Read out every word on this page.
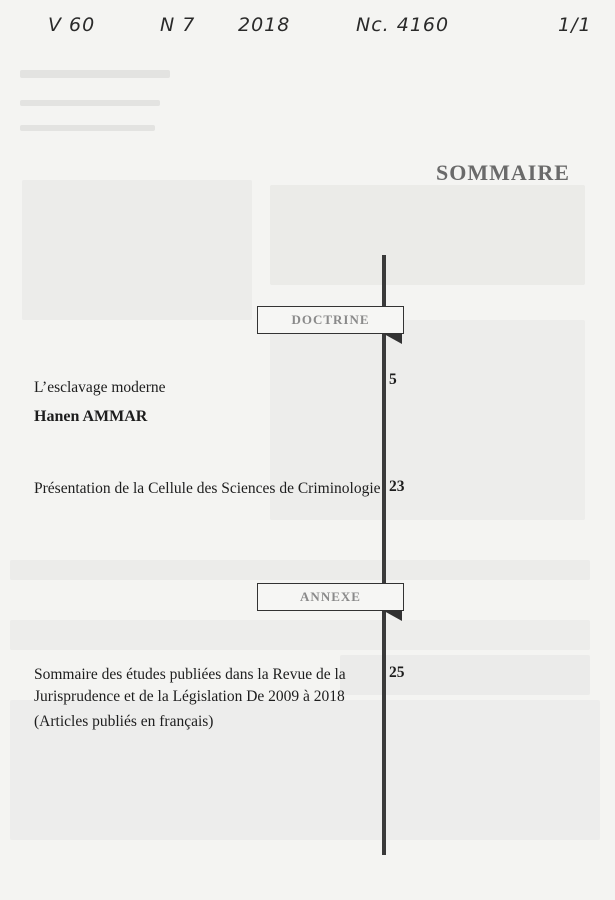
V 60	N 7 2018	Nc. 4160	1/1
SOMMAIRE
DOCTRINE
L’esclavage moderne
Hanen AMMAR
5
Présentation de la Cellule des Sciences de Criminologie 23
ANNEXE
Sommaire des études publiées dans la Revue de la
Jurisprudence et de la Législation De 2009 à 2018
(Articles publiés en français)
25
